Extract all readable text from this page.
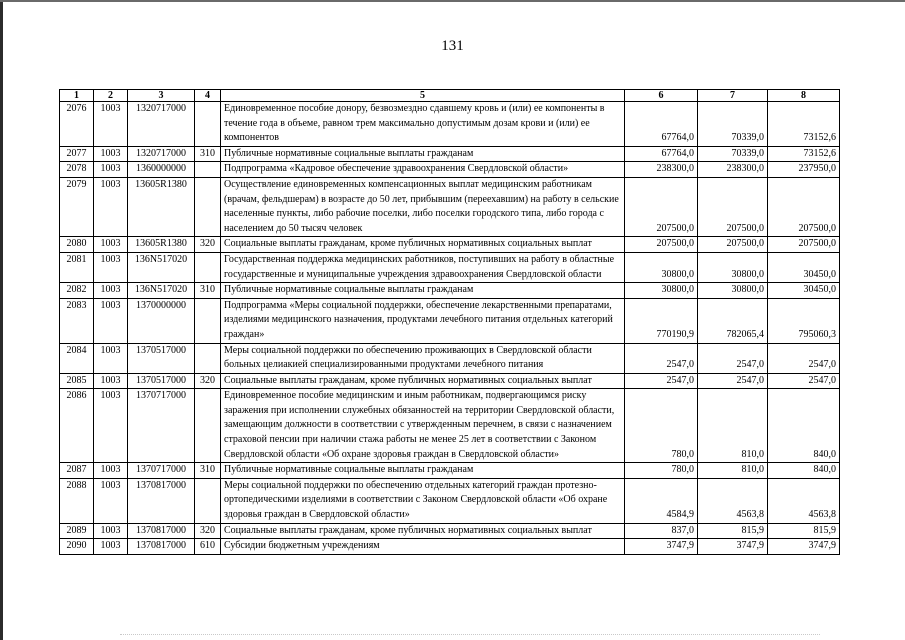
131
1	2	3	4	5	6	7	8
2076	1003	1320717000		Единовременное пособие донору, безвозмездно сдавшему кровь и (или) ее компоненты в течение года в объеме, равном трем максимально допустимым дозам крови и (или) ее компонентов	67764,0	70339,0	73152,6
2077	1003	1320717000	310	Публичные нормативные социальные выплаты гражданам	67764,0	70339,0	73152,6
2078	1003	1360000000		Подпрограмма «Кадровое обеспечение здравоохранения Свердловской области»	238300,0	238300,0	237950,0
2079	1003	13605R1380		Осуществление единовременных компенсационных выплат медицинским работникам (врачам, фельдшерам) в возрасте до 50 лет, прибывшим (переехавшим) на работу в сельские населенные пункты, либо рабочие поселки, либо поселки городского типа, либо города с населением до 50 тысяч человек	207500,0	207500,0	207500,0
2080	1003	13605R1380	320	Социальные выплаты гражданам, кроме публичных нормативных социальных выплат	207500,0	207500,0	207500,0
2081	1003	136N517020		Государственная поддержка медицинских работников, поступивших на работу в областные государственные и муниципальные учреждения здравоохранения Свердловской области	30800,0	30800,0	30450,0
2082	1003	136N517020	310	Публичные нормативные социальные выплаты гражданам	30800,0	30800,0	30450,0
2083	1003	1370000000		Подпрограмма «Меры социальной поддержки, обеспечение лекарственными препаратами, изделиями медицинского назначения, продуктами лечебного питания отдельных категорий граждан»	770190,9	782065,4	795060,3
2084	1003	1370517000		Меры социальной поддержки по обеспечению проживающих в Свердловской области больных целиакией специализированными продуктами лечебного питания	2547,0	2547,0	2547,0
2085	1003	1370517000	320	Социальные выплаты гражданам, кроме публичных нормативных социальных выплат	2547,0	2547,0	2547,0
2086	1003	1370717000		Единовременное пособие медицинским и иным работникам, подвергающимся риску заражения при исполнении служебных обязанностей на территории Свердловской области, замещающим должности в соответствии с утвержденным перечнем, в связи с назначением страховой пенсии при наличии стажа работы не менее 25 лет в соответствии с Законом Свердловской области «Об охране здоровья граждан в Свердловской области»	780,0	810,0	840,0
2087	1003	1370717000	310	Публичные нормативные социальные выплаты гражданам	780,0	810,0	840,0
2088	1003	1370817000		Меры социальной поддержки по обеспечению отдельных категорий граждан протезно-ортопедическими изделиями в соответствии с Законом Свердловской области «Об охране здоровья граждан в Свердловской области»	4584,9	4563,8	4563,8
2089	1003	1370817000	320	Социальные выплаты гражданам, кроме публичных нормативных социальных выплат	837,0	815,9	815,9
2090	1003	1370817000	610	Субсидии бюджетным учреждениям	3747,9	3747,9	3747,9
